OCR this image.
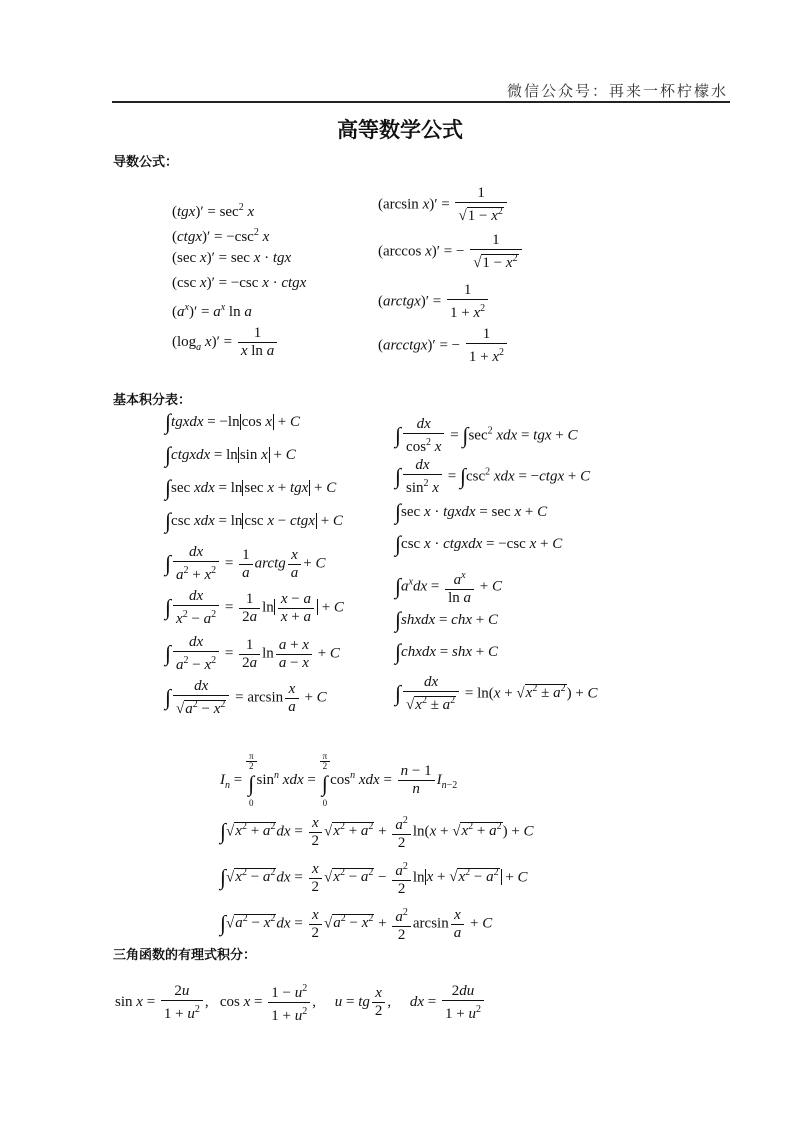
微信公众号：再来一杯柠檬水
高等数学公式
导数公式：
$(tgx)' = \sec^2 x$
(ctgx)′ = $-\csc^2$ x
(sec x)′ = sec x · tgx
(csc x)′ = −csc x · ctgx
$(a^x)' = a^x$ ln a
($\log_a$ $x)' = \frac{1}{\text{x ln a}}$
(arcsin $x)' = \frac{1}{√1 - x^2}$
(arccos x)′ = − $\frac{1}{√1 - x^2}$
(arctgx)′ = $\frac{1}{1 + x^2}$
(arcctgx)′ = − $\frac{1}{1 + x^2}$
基本积分表：
∫tgxdx = −ln cos x + C
∫ctgxdx = ln sin x + C
∫sec xdx = ln sec x + tgx + C
∫csc xdx = ln csc x − ctgx + C
∫ $\frac{dx}{a^2 + x^2} = \frac{1}{a}$ arctg $\frac{x}{a} + C$
∫ $\frac{dx}{x^2 - a^2} = \frac{1}{2a}$ $\ln \frac{x - a}{x + a} + C$
∫ $\frac{dx}{a^2 - x^2} = \frac{1}{2a}$ $\ln \frac{a + x}{a - x} + C$
∫ $\frac{dx}{√a^2 - x^2} = \arcsin \frac{x}{a} + C$
∫ $\frac{dx}{\cos^2 x} = \int\sec^2$ xdx = tgx + C
∫ $\frac{dx}{\sin^2 x} = \int\csc^2$ xdx = −ctgx + C
∫sec x · tgxdx = sec x + C
∫csc x · ctgxdx = −csc x + C
$\int a^xdx = \frac{a^x}{\text{ln a}} + C$
∫shxdx = chx + C
∫chxdx = shx + C
∫ $\frac{dx}{√x^2 \pm a^2} = \ln(x + √x^2 \pm a^2) + C$
$I_n$ =
$\frac{\pi}{2}$
∫
0
$\sin^n$ xdx =
$\frac{\pi}{2}$
∫
0
$\cos^n$ xdx = $\frac{n - 1}{n} I_{n-2}$
$\int√x^2 + a^2dx = \frac{x}{2} √x^2 + a^2 + \frac{a^2}{2} \ln(x + √x^2 + a^2) + C$
$\int√x^2 - a^2dx = \frac{x}{2} √x^2 - a^2 - \frac{a^2}{2}$ $\ln x + √x^2 - a^2 + C$
$\int√a^2 - x^2dx = \frac{x}{2} √a^2 - x^2 + \frac{a^2}{2}$ $\arcsin \frac{x}{a} + C$
三角函数的有理式积分：
$\sin x = \frac{2u}{1 + u^2}$ ,   $\cos x = \frac{1 - u^2}{1 + u^2}$ ,     u = tg $\frac{x}{2}$ ,     dx = $\frac{2du}{1 + u^2}$
